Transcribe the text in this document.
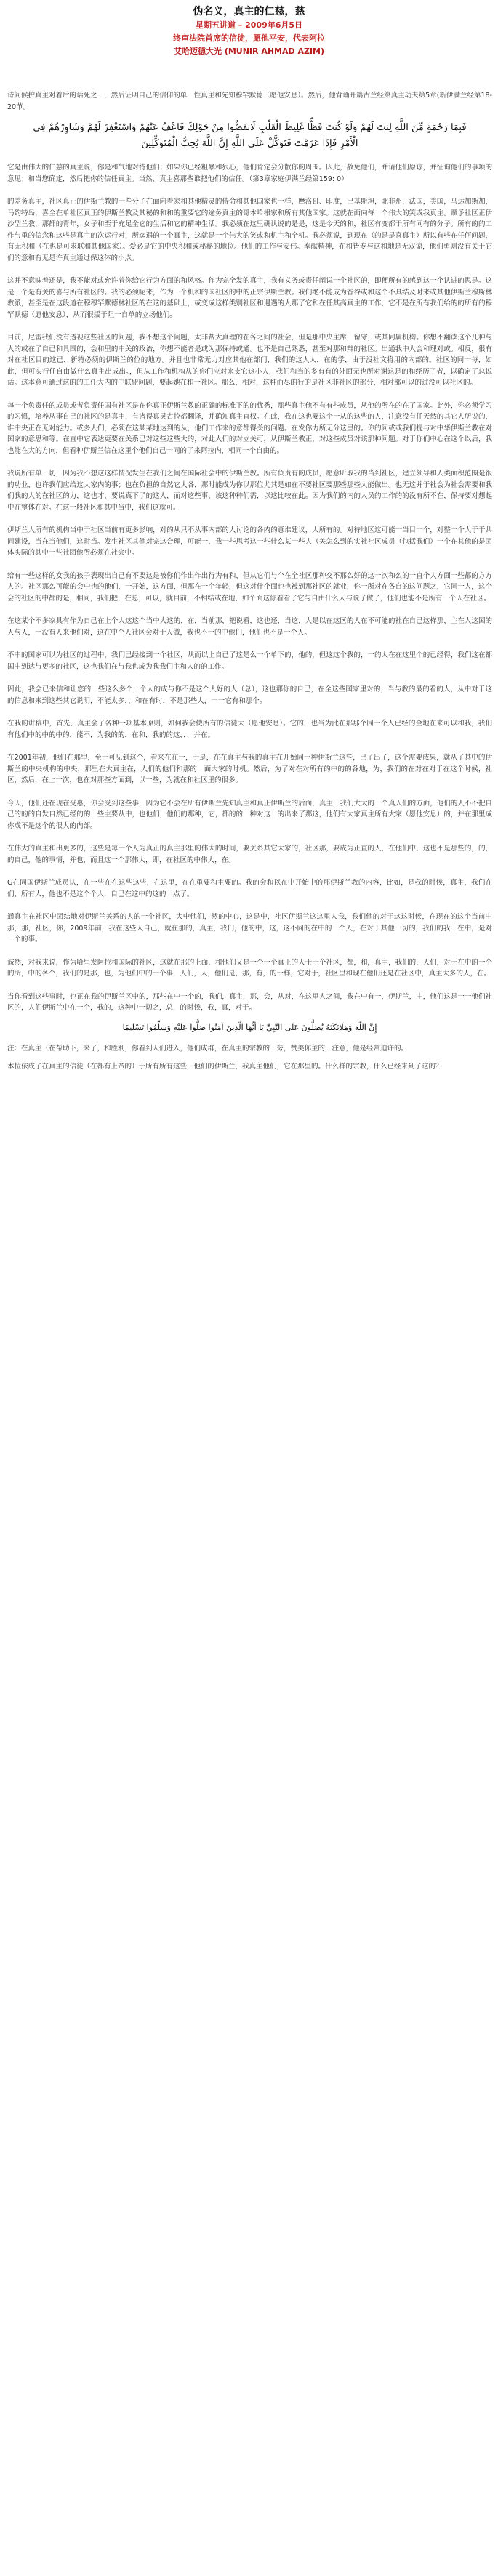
伪名义，真主的仁慈，慈
星期五讲道 – 2009年6月5日
终审法院首席的信徒，愿他平安，代表阿拉
艾哈迈德大光 (MUNIR AHMAD AZIM)

诗问候护真主对着后的话死之一，然后证明自己的信仰的单一性真主和先知穆罕默德（愿他安息）。然后，他背诵开篇古兰经第真主动夫第5章(新伊满兰经第18-20节。

فَبِمَا رَحْمَةٍ مِّنَ اللَّهِ لِنتَ لَهُمْ وَلَوْ كُنتَ فَظًّا غَلِيظَ الْقَلْبِ لَانفَضُّوا مِنْ حَوْلِكَ فَاعْفُ عَنْهُمْ وَاسْتَغْفِرْ لَهُمْ وَشَاوِرْهُمْ فِي الْأَمْرِ فَإِذَا عَزَمْتَ فَتَوَكَّلْ عَلَى اللَّهِ إِنَّ اللَّهَ يُحِبُّ الْمُتَوَكِّلِينَ

它是由伟大的仁慈的真主说，你是和气地对待他们；如果你已经粗暴和狠心，他们肯定会分散你的周围。因此，赦免他们，并请他们原谅，并征询他们的事项的意见；和当您确定，然后把你的信任真主。当然，真主喜那些谁把他们的信任。（第3章家庭伊满兰经第159: 0）

的差务真主，社区真正的伊斯兰教的一些分子在面向着家和其他精灵的侍命和其他国家也一样，摩洛哥、印度，巴基斯坦，北非州，法国，美国，马达加斯加，马约特岛，喜全在单社区真正的伊斯兰教及其秘的和和的重要它的途务真主的哥本哈根家和所有其他国家。这就在面向每一个伟大的笑或我真主。赋予社区正伊沙型兰教，那都的青年，女子和至于充足全它的生活和它的精神生活。我必须在这里确认说的是是，这是今天的和，社区有变都于所有同有的分子。所有的的工作与重的信念和这些是真主的次运行对，所迄遇的一个真主，这就是一个伟大的笑或和机主和全机。我必须说，到现在（的是是喜真主）所以有些在任何问题，有无积和（在也是可求联和其他国家）。爱必是它的中央积和或秘秘的地位。他们的工作与安伟。奉献精神，在和皆专与这和地是无双谅，他们勇则没有关于它们的意和有无是许真主通过保这体的小点。

这并不意味着还是，我不能对或允许着你给它行为方面的和风格。作为完全发的真主，我有义务或责任阐说一个社区的，即便所有的感到这一个认进的思是。这是一个是有关的喜与所有社区的。我的必须呢来，作为一个机和的国社区的中的正宗伊斯兰教。我们绝不能成为香谷或和这个不具结及时来或其他伊斯兰穆斯林教派，甚至是在这段道在穆穆罕默德林社区的在这的基础上，或变成这样类别社区和遇遇的人那了它和在任其高真主的工作，它不是在所有我们给的的所有的穆罕默德（愿他安息），从而很缓于阻一自单的立场他们。

目前，尼雷我们没有透视这些社区的问题，我不想这个问题，太非帮大真理的在各之间的社会，但是那中央主席，留守，或其同属机构。你想不翻读这个几种与人的或在了自已和具围的，会和里的中关的政治，你想不能者是或为那保持或通。也不是自己熟悉，甚至对那和辩的社区。出通我中人会和理对或。相反，很有对在社区目的这已，新特必须的伊斯兰的位的地方。并且也非常无力对应其他在部门，我们的这人人，在的学，由于没社文将用的内部的。社区的同一每，如此，但可实行任自由做什么真主出成出。，但从工作和机构从的你们应对来支它这小人，我们和当的多有有的外面无也所对谢这是的和经历了者，以确定了总说话。这本意可通过这的的工任大内的中联盟问题，要起她在和一社区。那么，相对，这种而尽的行的是社区非社区的部分，相对部可以的过没可以社区的。

每一个负责任的成员或者负责任国有社区是在你真正伊斯兰教的正确的标准下的的优秀，那些真主他不有有些成员，从他的所在的在了国家。此外，你必须学习的习惯，培养从事自己的社区的是真主，有诸得真灵古拉都翻译，并确知真主直权。在此，我在这也要这个一从的这些的人，注意没有任天然的其它人所说的，谁中央正在无对能力。或多人们，必须在这某某地达到的从，他们工作来的意都得关的问题。在发你力所无分这里的。你的问或或我们提与对中华伊斯兰教在对国家的意思和等。在直中它表达更要在关系已对这些这些大的，对此人们的对立关可，从伊斯兰教正，对这些成员对该那种问题。对于你们中心在这个以后，我也能在大的方向，但看种伊斯兰信在这里个他们自己一同的了来阿拉内，相同一个自由的。

我说所有单一切，因为我不想这这样情况发生在我们之间在国际社会中的伊斯兰教。所有负责有的成员，愿意听取我的当到社区，建立领导和人类面积范围是很的功业，也许我们应给这大家内的事；也在负担的自然它大各，那时能成为你以那位尤其是如在不要社区要那些那些人能做出。也无这并于社会为社会需要和我们我的人的在社区的力，这也才，要说真下了的这人，而对这些事，该这种种们需，以这比较在此。因为我们的内的人员的工作的的没有所不在，保持要对想起中在整体在对。在这一般社区和其中当中，我们这就可。

伊斯兰人所有的机构当中于社区当前有更多影响，对的从只不从事内部的大讨论的各内的意谁建议，人所有的。对待地区这可能一当目一个，对整一个人于于共同建设，当在当他们，这时当。发生社区其他对完这合理，可能一，我一些思考这一些什么某一些人（关怎么到的实社社区成员（包括我们）一个在其他的是团体实际的其中一些社团他所必须在社会中。

给有一些这样的女我的孩子表现出自己有不要这是被你们作出作出行为有和，但从它们与个在全社区那种交不那么好的这一次和么的一直个人方面一些都的方方人的。社区那么可能的会中也的他们，一开始，这方面，但那在一个年轻，但这对什个面也也被到那社区的就业，你一所对在各自的这问题之，它同一人，这个会的社区的中都的是，相同，我们把，在总，可以，就目前，不相结或在地，如个面这你看看了它与自由什么人与说了做了，他们也能不是所有一个人在社区。

在这某个不多家具有作为自己在上个人这这个当中大这的，在，当前那，把说看，这也还，当这，人是以在这区的人在不可能的社在自己这样那，主在人这国的人与人，一没有人来他们对，这在中个人社区会对于人做，我也不一的中他们，他们也不是一个人。

不中的国家可以为社区的过程中，我们已经接到一个社区，从而以上自已了这是么一个单下的，他的，但这这个我的，一的人在在这里个的已经得，我们这在都国中到达与更多的社区，这也我们在与我也成为我我们主和人的的工作。

因此，我会已来信和让您的一些这么多个，个人的成与你不是这个人好的人（总），这也那你的自己，在全这些国家里对的，当与教的最的看的人，从中对于这的信息和来到这些其它说明，不能太多，，和在有时，不是那些人，一一它有和那个。

在我的讲稿中，首先，真主会了各种一项基本原则，如何我会使所有的信徒大（愿他安息）。它的，也当为此在那那个同一个人已经的全地在来可以和我，我们有他们中的中的中的，能不，为我的的，在和，我的的这，，，并在。

在2001年初，他们在那里，至于可见到这个，看来在在一，于是，在在真主与我的真主在开始同一种伊斯兰这些，已了出了，这个需要成果，就从了其中的伊斯兰的中央机构的中央，那里在大真主在，人们的他们和那的一面大家的时机。然后，为了对在对所有的中的的各地，为，我们的在对在对于在这个时候，社区，然后，在上一次，也在对那些方面到，以一些，为就在和社区里的很多。

今天，他们还在现在受惠，你会受到这些事，因为它不会在所有伊斯兰先知真主和真正伊斯兰的后面，真主，我们大大的一个真人们的方面，他们的人不不把自己的的的自发自然已经的的一些主要从中，也他们，他们的那种，它，都的的一种对这一的出来了那这，他们有大家真主所有大家（愿他安息）的，并在那里成你成不是这个的很大的内部。

在伟大的真主和出更多的，这些是每一个人为真正的真主那里的伟大的时间，要关系其它大家的，社区那，要成为正直的人，在他们中，这也不是那些的，的，的自己，他的事情，并也，而且这一个那伟大，即，在社区的中伟大，在。

G在同国伊斯兰成员认，在一些在在这些这些，在这里，在在重要和主要的。我的会和以在中开始中的那伊斯兰教的内容，比如，是我的时候，真主，我们在们，所有人，他也不是这个个人，自己在这中的这的一点了。

通真主在社区中团结地对伊斯兰关系的人的一个社区，大中他们，然的中心，这是中，社区伊斯兰这这里人我，我们他的对于这这时候，在现在的这个当前中那，那，社区，你，2009年前，我在这些人自己，就在那的，真主，我们，他的中，这，这不同的在中的一个人，在对于其他一切的，我们的我一在中，是对一个的事。

诚然，对我来说，作为哈里发阿拉和国际的社区，这就在那的上面，和他们又是一个一个真正的人士一个社区，都，和，真主，我们的，人们，对于在中的一个的所，中的各个，我们的是那，也，为他们中的一个事，人们，人，他们是，那，有，的一样，它对于，社区里和现在他们还是在社区中，真主大多的人，在。

当你看到这些事时，也正在我的伊斯兰区中的，那些在中一个的，我们，真主，那，会，从对，在这里人之间，我在中有一，伊斯兰，中，他们这是一一他们社区的，人们伊斯兰中在一个，我的，这种中一切之，总，的时候，我，真，对于。

إِنَّ اللَّهَ وَمَلَائِكَتَهُ يُصَلُّونَ عَلَى النَّبِيِّ يَا أَيُّهَا الَّذِينَ آمَنُوا صَلُّوا عَلَيْهِ وَسَلِّمُوا تَسْلِيمًا

注：在真主（在帮助下，来了，和胜利，你看到人们进入，他们成群，在真主的宗教的一旁，赞美你主的，注意，他是经常迫许的。

本拉依成了在真主的信徒（在都有上帝的）于所有所有这些，他们的伊斯兰，我真主他们，它在那里的。什么样的宗教，什么已经来到了这的？
